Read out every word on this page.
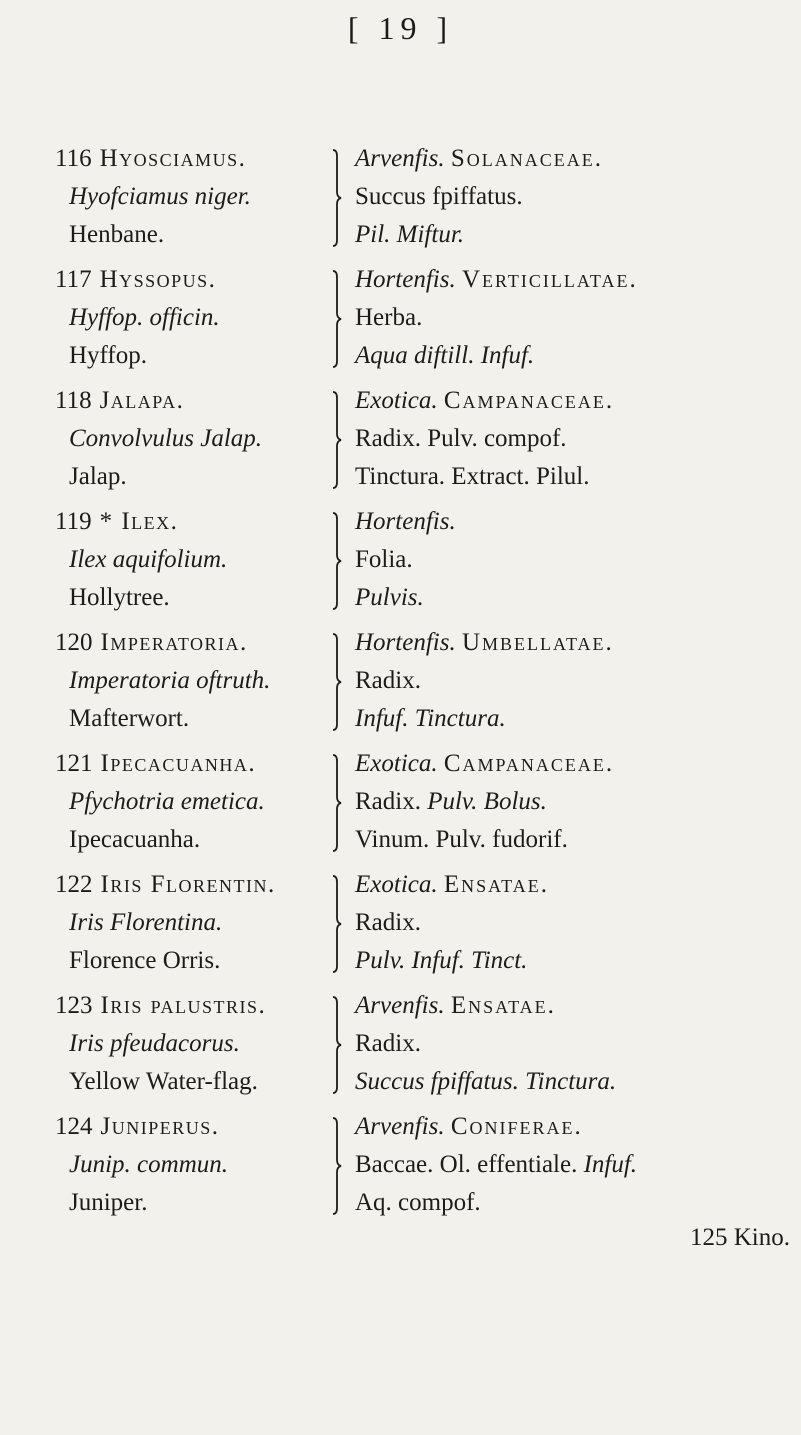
[ 19 ]
116 Hyosciamus.
Hyofciamus niger.
Henbane.
Arvenfis. Solanaceae.
Succus fpiffatus.
Pil. Miftur.
117 Hyssopus.
Hyffop. officin.
Hyffop.
Hortenfis. Verticillatae.
Herba.
Aqua diftill. Infuf.
118 Jalapa.
Convolvulus Jalap.
Jalap.
Exotica. Campanaceae.
Radix. Pulv. compof.
Tinctura. Extract. Pilul.
119 * Ilex.
Ilex aquifolium.
Hollytree.
Hortenfis.
Folia.
Pulvis.
120 Imperatoria.
Imperatoria oftruth.
Mafterwort.
Hortenfis. Umbellatae.
Radix.
Infuf. Tinctura.
121 Ipecacuanha.
Pfychotria emetica.
Ipecacuanha.
Exotica. Campanaceae.
Radix. Pulv. Bolus.
Vinum. Pulv. fudorif.
122 Iris Florentin.
Iris Florentina.
Florence Orris.
Exotica. Ensatae.
Radix.
Pulv. Infuf. Tinct.
123 Iris palustris.
Iris pfeudacorus.
Yellow Water-flag.
Arvenfis. Ensatae.
Radix.
Succus fpiffatus. Tinctura.
124 Juniperus.
Junip. commun.
Juniper.
Arvenfis. Coniferae.
Baccae. Ol. effentiale. Infuf.
Aq. compof.
125 Kino.
